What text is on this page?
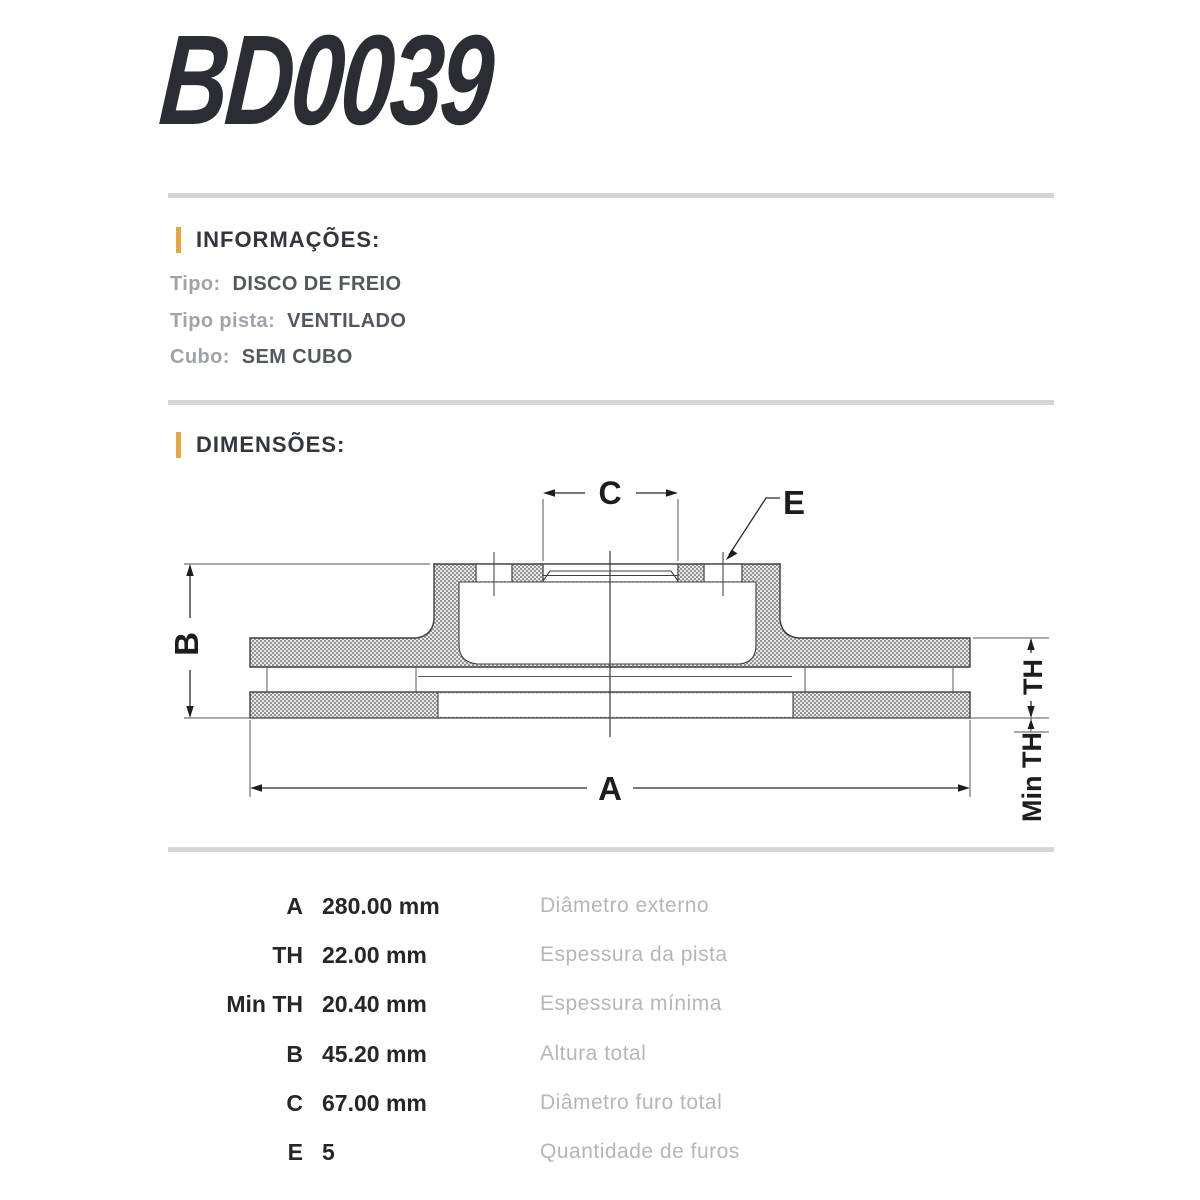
BD0039
INFORMAÇÕES:
Tipo: DISCO DE FREIO
Tipo pista: VENTILADO
Cubo: SEM CUBO
DIMENSÕES:
C	E
B
A
TH
Min TH
A 280.00 mm	Diâmetro externo
TH 22.00 mm	Espessura da pista
Min TH 20.40 mm	Espessura mínima
B 45.20 mm	Altura total
C 67.00 mm	Diâmetro furo total
E 5	Quantidade de furos
